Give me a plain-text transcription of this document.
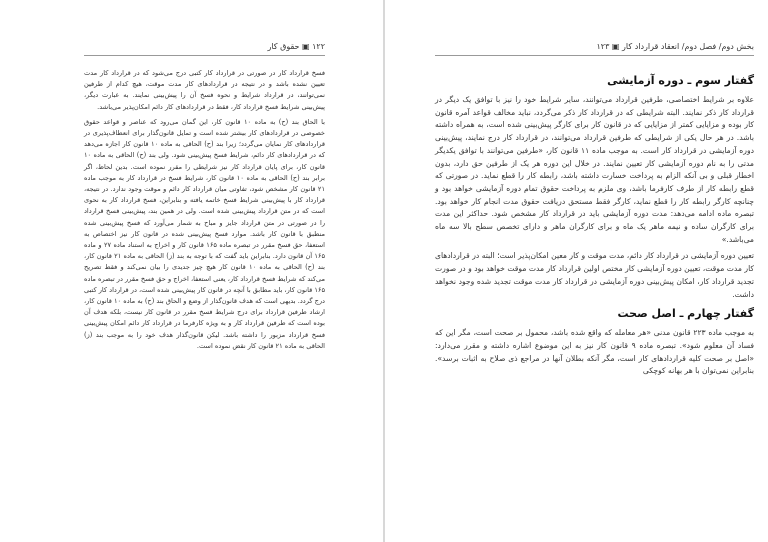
۱۲۲ ▣ حقوق کار

فسخ قرارداد کار در صورتی در قرارداد کار کتبی درج می‌شود که در قرارداد کار مدت تعیین نشده باشد و در نتیجه در قراردادهای کار مدت موقت، هیچ کدام از طرفین نمی‌توانند، در قرارداد شرایط و نحوه فسخ آن را پیش‌بینی نمایند. به عبارت دیگر، پیش‌بینی شرایط فسخ قرارداد کار، فقط در قراردادهای کار دائم امکان‌پذیر می‌باشد.

با الحاق بند (ح) به ماده ۱۰ قانون کار، این گمان می‌رود که عناصر و قواعد حقوق خصوصی در قراردادهای کار بیشتر شده است و تمایل قانون‌گذار برای انعطاف‌پذیری در قراردادهای کار نمایان می‌گردد؛ زیرا بند (ح) الحاقی به ماده ۱۰ قانون کار اجازه می‌دهد که در قراردادهای کار دائم، شرایط فسخ پیش‌بینی شود. ولی بند (ح) الحاقی به ماده ۱۰ قانون کار، برای پایان قرارداد کار نیز شرایطی را مقرر نموده است. بدین لحاظ، اگر برابر بند (ح) الحاقی به ماده ۱۰ قانون کار، شرایط فسخ در قرارداد کار به موجب ماده ۲۱ قانون کار مشخص شود، تفاوتی میان قرارداد کار دائم و موقت وجود ندارد. در نتیجه، قرارداد کار با پیش‌بینی شرایط فسخ خاتمه یافته و بنابراین، فسخ قرارداد کار به نحوی است که در متن قرارداد پیش‌بینی شده است. ولی در همین بند، پیش‌بینی فسخ قرارداد را در صورتی در متن قرارداد جایز و مباح به شمار می‌آورد که فسخ پیش‌بینی شده منطبق با قانون کار باشد. موارد فسخ پیش‌بینی شده در قانون کار نیز اختصاص به استعفا، حق فسخ مقرر در تبصره ماده ۱۶۵ قانون کار و اخراج به استناد ماده ۲۷ و ماده ۱۶۵ آن قانون دارد. بنابراین باید گفت که با توجه به بند (ز) الحاقی به ماده ۲۱ قانون کار، بند (ح) الحاقی به ماده ۱۰ قانون کار هیچ چیز جدیدی را بیان نمی‌کند و فقط تصریح می‌کند که شرایط فسخ قرارداد کار، یعنی استعفا، اخراج و حق فسخ مقرر در تبصره ماده ۱۶۵ قانون کار، باید مطابق با آنچه در قانون کار پیش‌بینی شده است، در قرارداد کار کتبی درج گردد. بدیهی است که هدف قانون‌گذار از وضع و الحاق بند (ح) به ماده ۱۰ قانون کار، ارشاد طرفین قرارداد برای درج شرایط فسخ مقرر در قانون کار نیست، بلکه هدف آن بوده است که طرفین قرارداد کار و به ویژه کارفرما در قرارداد کار دائم امکان پیش‌بینی فسخ قرارداد مزبور را داشته باشد. لیکن قانون‌گذار هدف خود را به موجب بند (ز) الحاقی به ماده ۲۱ قانون کار نقض نموده است.

بخش دوم/ فصل دوم/ انعقاد قرارداد کار ▣ ۱۲۳
گفتار سوم ـ دوره آزمایشی

علاوه بر شرایط اختصاصی، طرفین قرارداد می‌توانند، سایر شرایط خود را نیز با توافق یک دیگر در قرارداد کار ذکر نمایند. البته شرایطی که در قرارداد کار ذکر می‌گردد، نباید مخالف قواعد آمره قانون کار بوده و مزایایی کمتر از مزایایی که در قانون کار برای کارگر پیش‌بینی شده است، به همراه داشته باشد. در هر حال یکی از شرایطی که طرفین قرارداد می‌توانند، در قرارداد کار درج نمایند، پیش‌بینی دوره آزمایشی در قرارداد کار است. به موجب ماده ۱۱ قانون کار، «طرفین می‌توانند با توافق یکدیگر مدتی را به نام دوره آزمایشی کار تعیین نمایند. در خلال این دوره هر یک از طرفین حق دارد، بدون اخطار قبلی و بی آنکه الزام به پرداخت خسارت داشته باشد، رابطه کار را قطع نماید. در صورتی که قطع رابطه کار از طرف کارفرما باشد، وی ملزم به پرداخت حقوق تمام دوره آزمایشی خواهد بود و چنانچه کارگر رابطه کار را قطع نماید، کارگر فقط مستحق دریافت حقوق مدت انجام کار خواهد بود. تبصره ماده ادامه می‌دهد: مدت دوره آزمایشی باید در قرارداد کار مشخص شود. حداکثر این مدت برای کارگران ساده و نیمه ماهر یک ماه و برای کارگران ماهر و دارای تخصص سطح بالا سه ماه می‌باشد.»

تعیین دوره آزمایشی در قرارداد کار دائم، مدت موقت و کار معین امکان‌پذیر است؛ البته در قراردادهای کار مدت موقت، تعیین دوره آزمایشی کار مختص اولین قرارداد کار مدت موقت خواهد بود و در صورت تجدید قرارداد کار، امکان پیش‌بینی دوره آزمایشی در قرارداد کار مدت موقت تجدید شده وجود نخواهد داشت.

گفتار چهارم ـ اصل صحت

به موجب ماده ۲۲۳ قانون مدنی «هر معامله که واقع شده باشد، محمول بر صحت است، مگر این که فساد آن معلوم شود». تبصره ماده ۹ قانون کار نیز به این موضوع اشاره داشته و مقرر می‌دارد: «اصل بر صحت کلیه قراردادهای کار است، مگر آنکه بطلان آنها در مراجع ذی صلاح به اثبات برسد». بنابراین نمی‌توان با هر بهانه کوچکی
